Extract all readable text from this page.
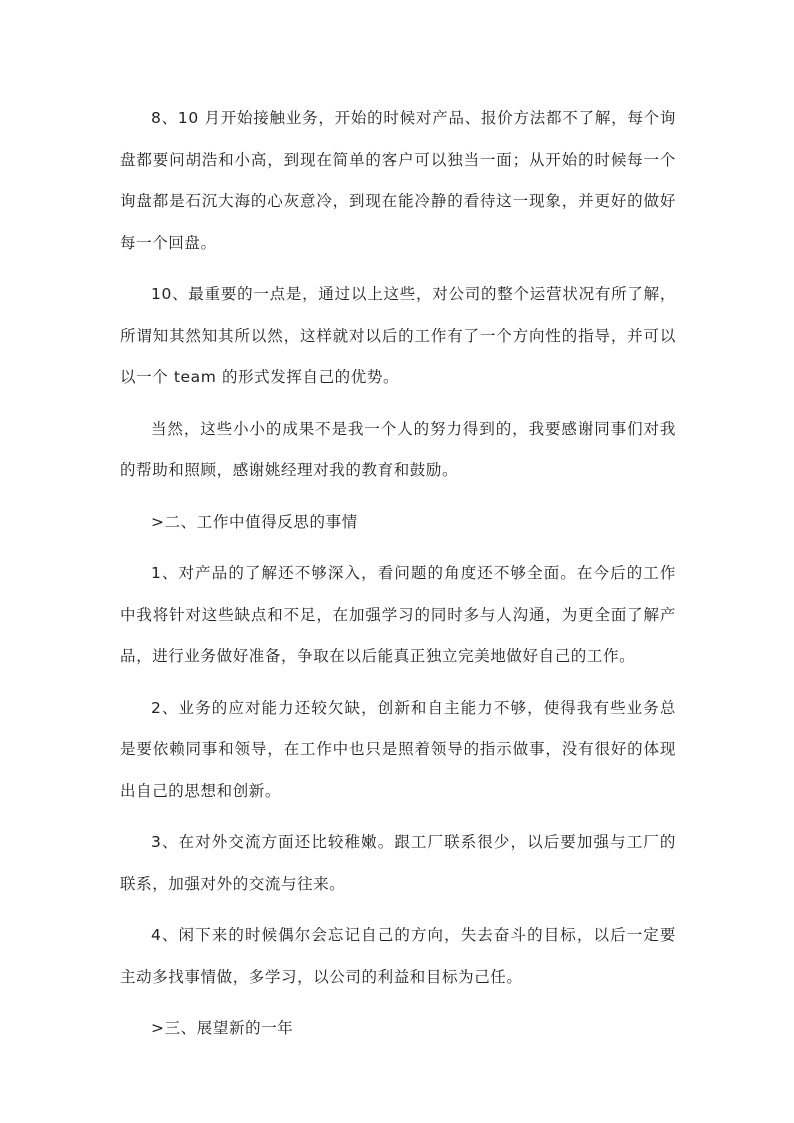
8、10 月开始接触业务，开始的时候对产品、报价方法都不了解，每个询盘都要问胡浩和小高，到现在简单的客户可以独当一面；从开始的时候每一个询盘都是石沉大海的心灰意冷，到现在能冷静的看待这一现象，并更好的做好每一个回盘。

10、最重要的一点是，通过以上这些，对公司的整个运营状况有所了解，所谓知其然知其所以然，这样就对以后的工作有了一个方向性的指导，并可以以一个 team 的形式发挥自己的优势。

当然，这些小小的成果不是我一个人的努力得到的，我要感谢同事们对我的帮助和照顾，感谢姚经理对我的教育和鼓励。

>二、工作中值得反思的事情

1、对产品的了解还不够深入，看问题的角度还不够全面。在今后的工作中我将针对这些缺点和不足，在加强学习的同时多与人沟通，为更全面了解产品，进行业务做好准备，争取在以后能真正独立完美地做好自己的工作。

2、业务的应对能力还较欠缺，创新和自主能力不够，使得我有些业务总是要依赖同事和领导，在工作中也只是照着领导的指示做事，没有很好的体现出自己的思想和创新。

3、在对外交流方面还比较稚嫩。跟工厂联系很少，以后要加强与工厂的联系，加强对外的交流与往来。

4、闲下来的时候偶尔会忘记自己的方向，失去奋斗的目标，以后一定要主动多找事情做，多学习，以公司的利益和目标为己任。

>三、展望新的一年
